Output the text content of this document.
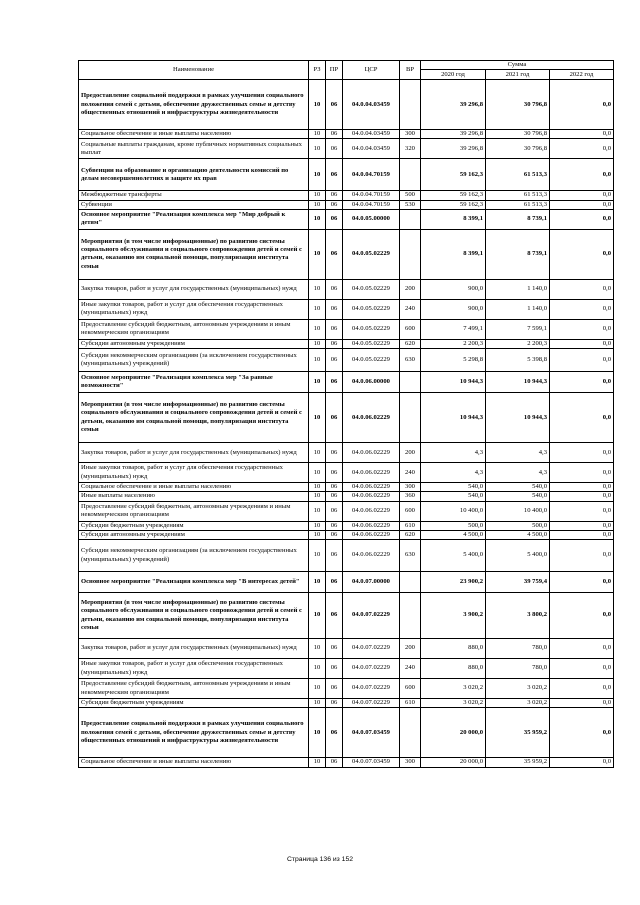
Наименование	РЗ	ПР	ЦСР	ВР	Сумма		
					2020 год	2021 год	2022 год
Предоставление социальной поддержки в рамках улучшения социального положения семей с детьми, обеспечение дружественных семье и детству общественных отношений и инфраструктуры жизнедеятельности	10	06	04.0.04.03459		39 296,8	30 796,8	0,0
Социальное обеспечение и иные выплаты населению	10	06	04.0.04.03459	300	39 296,8	30 796,8	0,0
Социальные выплаты гражданам, кроме публичных нормативных социальных выплат	10	06	04.0.04.03459	320	39 296,8	30 796,8	0,0
Субвенции на образование и организацию деятельности комиссий по делам несовершеннолетних и защите их прав	10	06	04.0.04.70159		59 162,3	61 513,3	0,0
Межбюджетные трансферты	10	06	04.0.04.70159	500	59 162,3	61 513,3	0,0
Субвенции	10	06	04.0.04.70159	530	59 162,3	61 513,3	0,0
Основное мероприятие "Реализация комплекса мер "Мир добрый к детям"	10	06	04.0.05.00000		8 399,1	8 739,1	0,0
Мероприятия (в том числе информационные) по развитию системы социального обслуживания и социального сопровождения детей и семей с детьми, оказанию им социальной помощи, популяризация института семьи	10	06	04.0.05.02229		8 399,1	8 739,1	0,0
Закупка товаров, работ и услуг для государственных (муниципальных) нужд	10	06	04.0.05.02229	200	900,0	1 140,0	0,0
Иные закупки товаров, работ и услуг для обеспечения государственных (муниципальных) нужд	10	06	04.0.05.02229	240	900,0	1 140,0	0,0
Предоставление субсидий бюджетным, автономным учреждениям и иным некоммерческим организациям	10	06	04.0.05.02229	600	7 499,1	7 599,1	0,0
Субсидии автономным учреждениям	10	06	04.0.05.02229	620	2 200,3	2 200,3	0,0
Субсидии некоммерческим организациям (за исключением государственных (муниципальных) учреждений)	10	06	04.0.05.02229	630	5 298,8	5 398,8	0,0
Основное мероприятие "Реализация комплекса мер "За равные возможности"	10	06	04.0.06.00000		10 944,3	10 944,3	0,0
Мероприятия (в том числе информационные) по развитию системы социального обслуживания и социального сопровождения детей и семей с детьми, оказанию им социальной помощи, популяризация института семьи	10	06	04.0.06.02229		10 944,3	10 944,3	0,0
Закупка товаров, работ и услуг для государственных (муниципальных) нужд	10	06	04.0.06.02229	200	4,3	4,3	0,0
Иные закупки товаров, работ и услуг для обеспечения государственных (муниципальных) нужд	10	06	04.0.06.02229	240	4,3	4,3	0,0
Социальное обеспечение и иные выплаты населению	10	06	04.0.06.02229	300	540,0	540,0	0,0
Иные выплаты населению	10	06	04.0.06.02229	360	540,0	540,0	0,0
Предоставление субсидий бюджетным, автономным учреждениям и иным некоммерческим организациям	10	06	04.0.06.02229	600	10 400,0	10 400,0	0,0
Субсидии бюджетным учреждениям	10	06	04.0.06.02229	610	500,0	500,0	0,0
Субсидии автономным учреждениям	10	06	04.0.06.02229	620	4 500,0	4 500,0	0,0
Субсидии некоммерческим организациям (за исключением государственных (муниципальных) учреждений)	10	06	04.0.06.02229	630	5 400,0	5 400,0	0,0
Основное мероприятие "Реализация комплекса мер "В интересах детей"	10	06	04.0.07.00000		23 900,2	39 759,4	0,0
Мероприятия (в том числе информационные) по развитию системы социального обслуживания и социального сопровождения детей и семей с детьми, оказанию им социальной помощи, популяризация института семьи	10	06	04.0.07.02229		3 900,2	3 800,2	0,0
Закупка товаров, работ и услуг для государственных (муниципальных) нужд	10	06	04.0.07.02229	200	880,0	780,0	0,0
Иные закупки товаров, работ и услуг для обеспечения государственных (муниципальных) нужд	10	06	04.0.07.02229	240	880,0	780,0	0,0
Предоставление субсидий бюджетным, автономным учреждениям и иным некоммерческим организациям	10	06	04.0.07.02229	600	3 020,2	3 020,2	0,0
Субсидии бюджетным учреждениям	10	06	04.0.07.02229	610	3 020,2	3 020,2	0,0
Предоставление социальной поддержки в рамках улучшения социального положения семей с детьми, обеспечение дружественных семье и детству общественных отношений и инфраструктуры жизнедеятельности	10	06	04.0.07.03459		20 000,0	35 959,2	0,0
Социальное обеспечение и иные выплаты населению	10	06	04.0.07.03459	300	20 000,0	35 959,2	0,0
Страница 136 из 152
